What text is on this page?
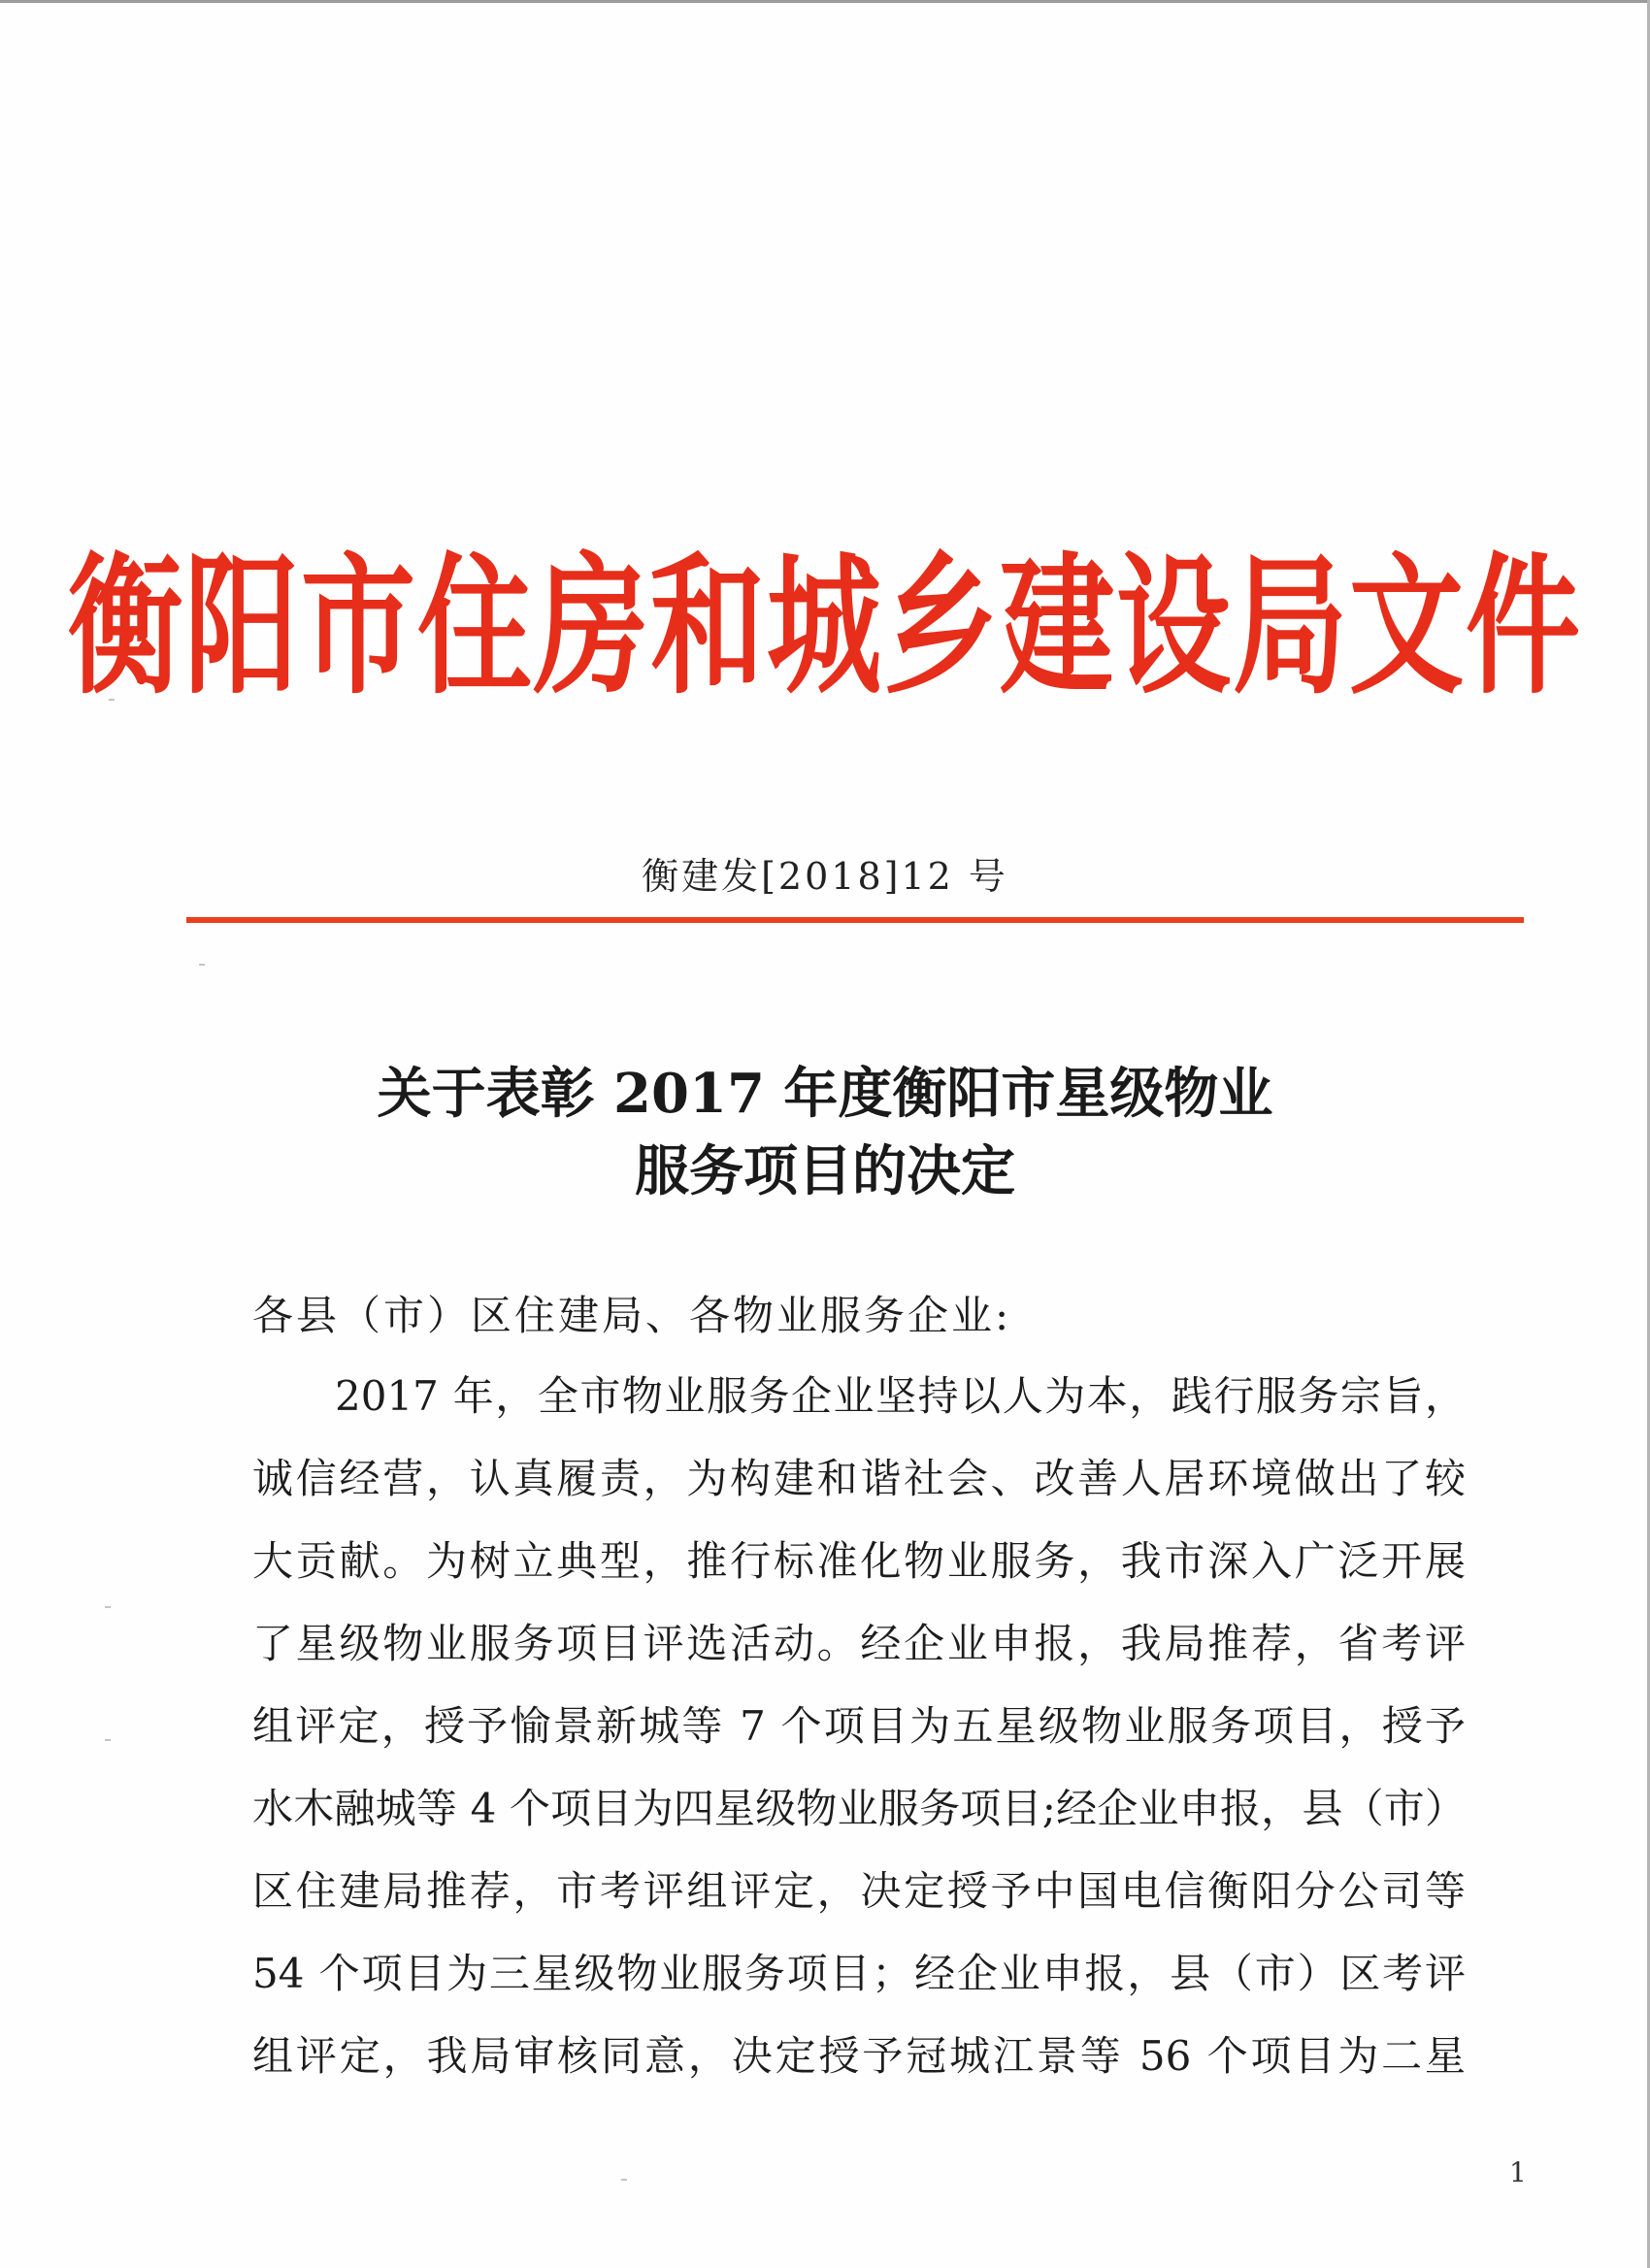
衡阳市住房和城乡建设局文件
衡建发[2018]12 号
关于表彰 2017 年度衡阳市星级物业
服务项目的决定
各县（市）区住建局、各物业服务企业:
2017 年，全市物业服务企业坚持以人为本，践行服务宗旨，
诚信经营，认真履责，为构建和谐社会、改善人居环境做出了较
大贡献。为树立典型，推行标准化物业服务，我市深入广泛开展
了星级物业服务项目评选活动。经企业申报，我局推荐，省考评
组评定，授予愉景新城等 7 个项目为五星级物业服务项目，授予
水木融城等 4 个项目为四星级物业服务项目;经企业申报，县（市）
区住建局推荐，市考评组评定，决定授予中国电信衡阳分公司等
54 个项目为三星级物业服务项目；经企业申报，县（市）区考评
组评定，我局审核同意，决定授予冠城江景等 56 个项目为二星
1
